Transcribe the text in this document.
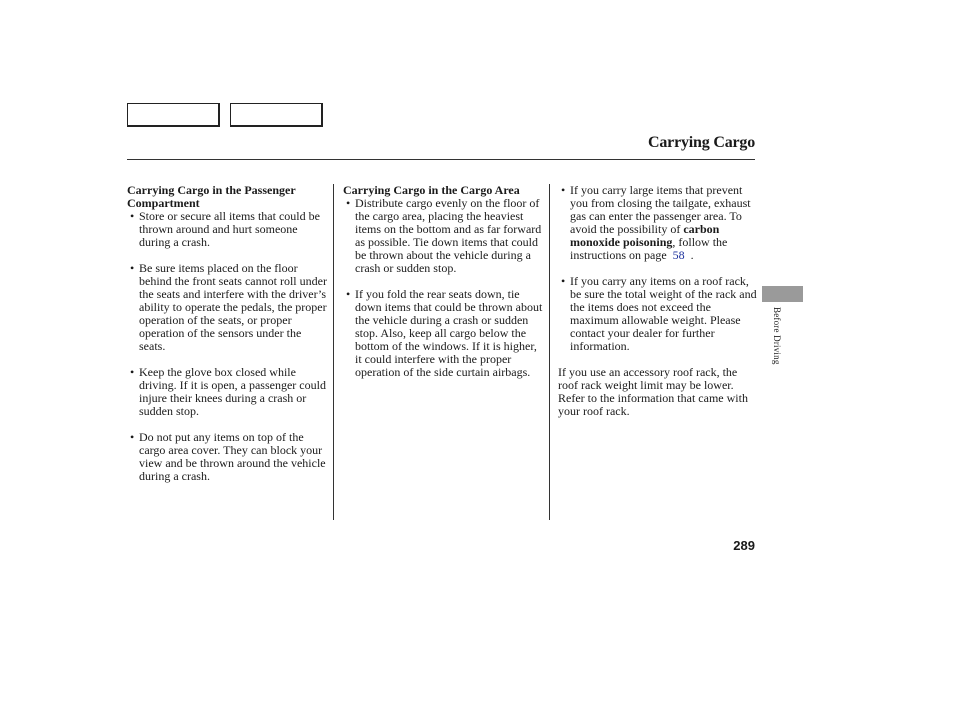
Carrying Cargo

Carrying Cargo in the Passenger Compartment

• Store or secure all items that could be thrown around and hurt someone during a crash.

• Be sure items placed on the floor behind the front seats cannot roll under the seats and interfere with the driver’s ability to operate the pedals, the proper operation of the seats, or proper operation of the sensors under the seats.

• Keep the glove box closed while driving. If it is open, a passenger could injure their knees during a crash or sudden stop.

• Do not put any items on top of the cargo area cover. They can block your view and be thrown around the vehicle during a crash.

Carrying Cargo in the Cargo Area

• Distribute cargo evenly on the floor of the cargo area, placing the heaviest items on the bottom and as far forward as possible. Tie down items that could be thrown about the vehicle during a crash or sudden stop.

• If you fold the rear seats down, tie down items that could be thrown about the vehicle during a crash or sudden stop. Also, keep all cargo below the bottom of the windows. If it is higher, it could interfere with the proper operation of the side curtain airbags.

• If you carry large items that prevent you from closing the tailgate, exhaust gas can enter the passenger area. To avoid the possibility of carbon monoxide poisoning, follow the instructions on page 58 .

• If you carry any items on a roof rack, be sure the total weight of the rack and the items does not exceed the maximum allowable weight. Please contact your dealer for further information.

If you use an accessory roof rack, the roof rack weight limit may be lower. Refer to the information that came with your roof rack.

Before Driving
289
